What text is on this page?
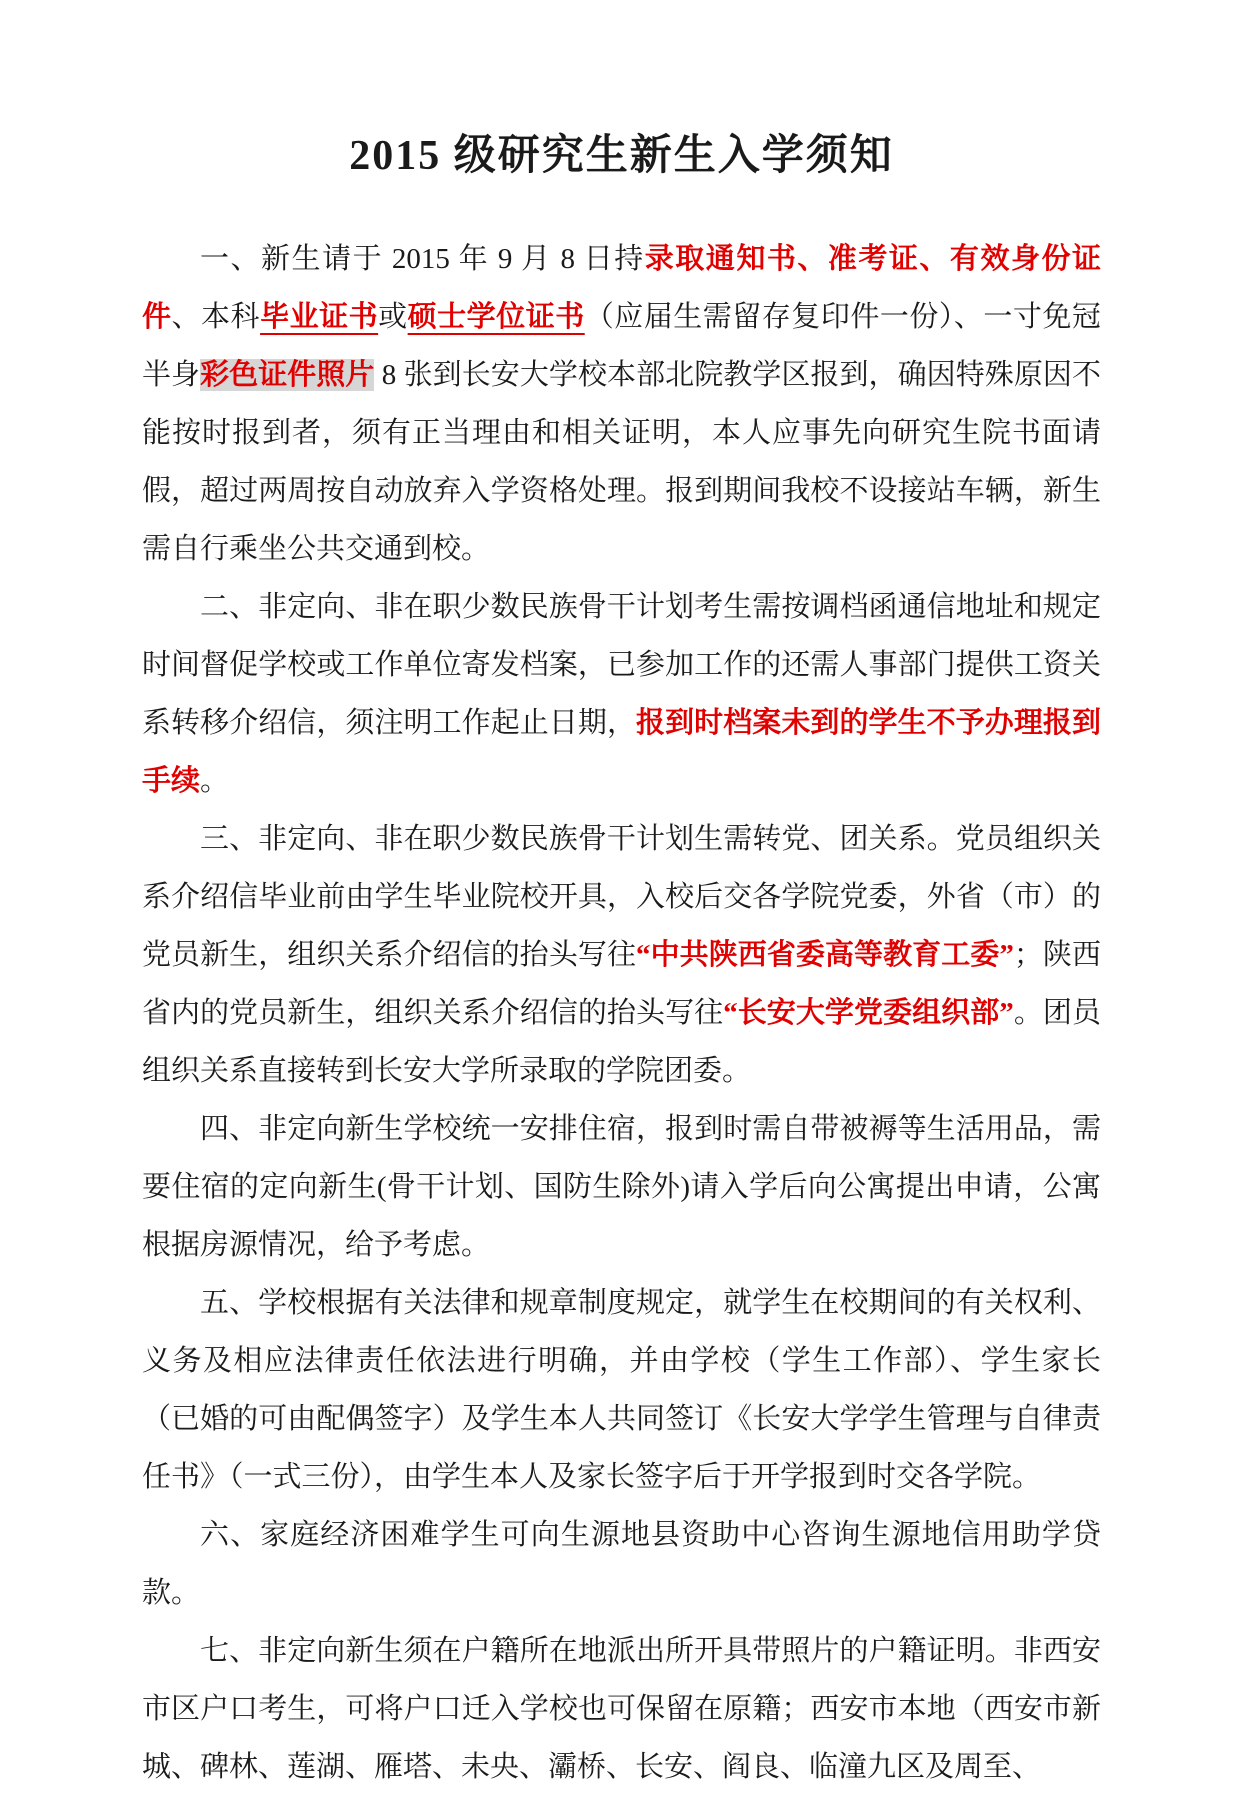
2015 级研究生新生入学须知

一、新生请于 2015 年 9 月 8 日持录取通知书、准考证、有效身份证件、本科毕业证书或硕士学位证书（应届生需留存复印件一份）、一寸免冠半身彩色证件照片 8 张到长安大学校本部北院教学区报到，确因特殊原因不能按时报到者，须有正当理由和相关证明，本人应事先向研究生院书面请假，超过两周按自动放弃入学资格处理。报到期间我校不设接站车辆，新生需自行乘坐公共交通到校。

二、非定向、非在职少数民族骨干计划考生需按调档函通信地址和规定时间督促学校或工作单位寄发档案，已参加工作的还需人事部门提供工资关系转移介绍信，须注明工作起止日期，报到时档案未到的学生不予办理报到手续。

三、非定向、非在职少数民族骨干计划生需转党、团关系。党员组织关系介绍信毕业前由学生毕业院校开具，入校后交各学院党委，外省（市）的党员新生，组织关系介绍信的抬头写往“中共陕西省委高等教育工委”；陕西省内的党员新生，组织关系介绍信的抬头写往“长安大学党委组织部”。团员组织关系直接转到长安大学所录取的学院团委。

四、非定向新生学校统一安排住宿，报到时需自带被褥等生活用品，需要住宿的定向新生(骨干计划、国防生除外)请入学后向公寓提出申请，公寓根据房源情况，给予考虑。

五、学校根据有关法律和规章制度规定，就学生在校期间的有关权利、义务及相应法律责任依法进行明确，并由学校（学生工作部）、学生家长（已婚的可由配偶签字）及学生本人共同签订《长安大学学生管理与自律责任书》（一式三份），由学生本人及家长签字后于开学报到时交各学院。

六、家庭经济困难学生可向生源地县资助中心咨询生源地信用助学贷款。

七、非定向新生须在户籍所在地派出所开具带照片的户籍证明。非西安市区户口考生，可将户口迁入学校也可保留在原籍；西安市本地（西安市新城、碑林、莲湖、雁塔、未央、灞桥、长安、阎良、临潼九区及周至、
